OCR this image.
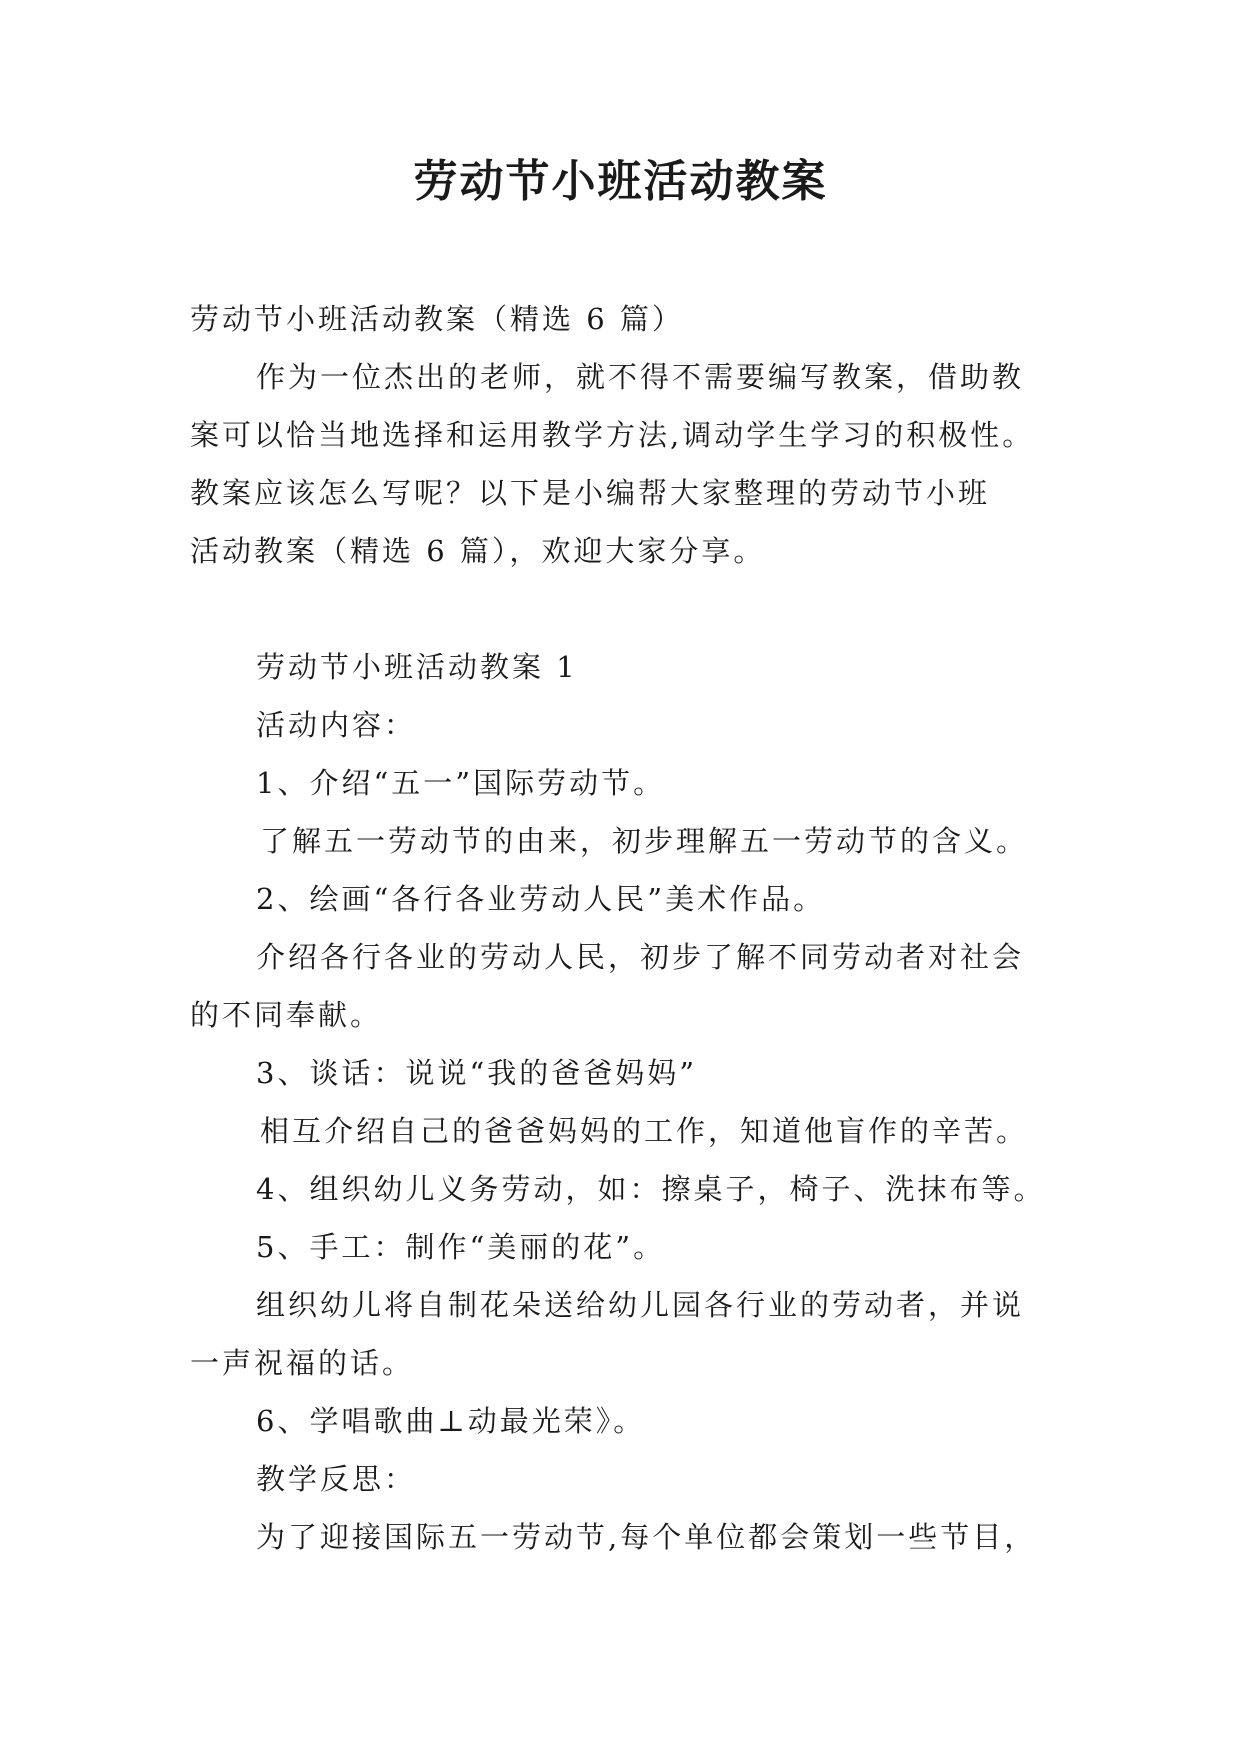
劳动节小班活动教案
劳动节小班活动教案（精选 6 篇）
作为一位杰出的老师，就不得不需要编写教案，借助教
案可以恰当地选择和运用教学方法,调动学生学习的积极性。
教案应该怎么写呢？以下是小编帮大家整理的劳动节小班
活动教案（精选 6 篇），欢迎大家分享。
劳动节小班活动教案 1
活动内容：
1、介绍“五一”国际劳动节。
了解五一劳动节的由来，初步理解五一劳动节的含义。
2、绘画“各行各业劳动人民”美术作品。
介绍各行各业的劳动人民，初步了解不同劳动者对社会
的不同奉献。
3、谈话：说说“我的爸爸妈妈”
相互介绍自己的爸爸妈妈的工作，知道他盲作的辛苦。
4、组织幼儿义务劳动，如：擦桌子，椅子、洗抹布等。
5、手工：制作“美丽的花”。
组织幼儿将自制花朵送给幼儿园各行业的劳动者，并说
一声祝福的话。
6、学唱歌曲⊥动最光荣》。
教学反思：
为了迎接国际五一劳动节,每个单位都会策划一些节目，
